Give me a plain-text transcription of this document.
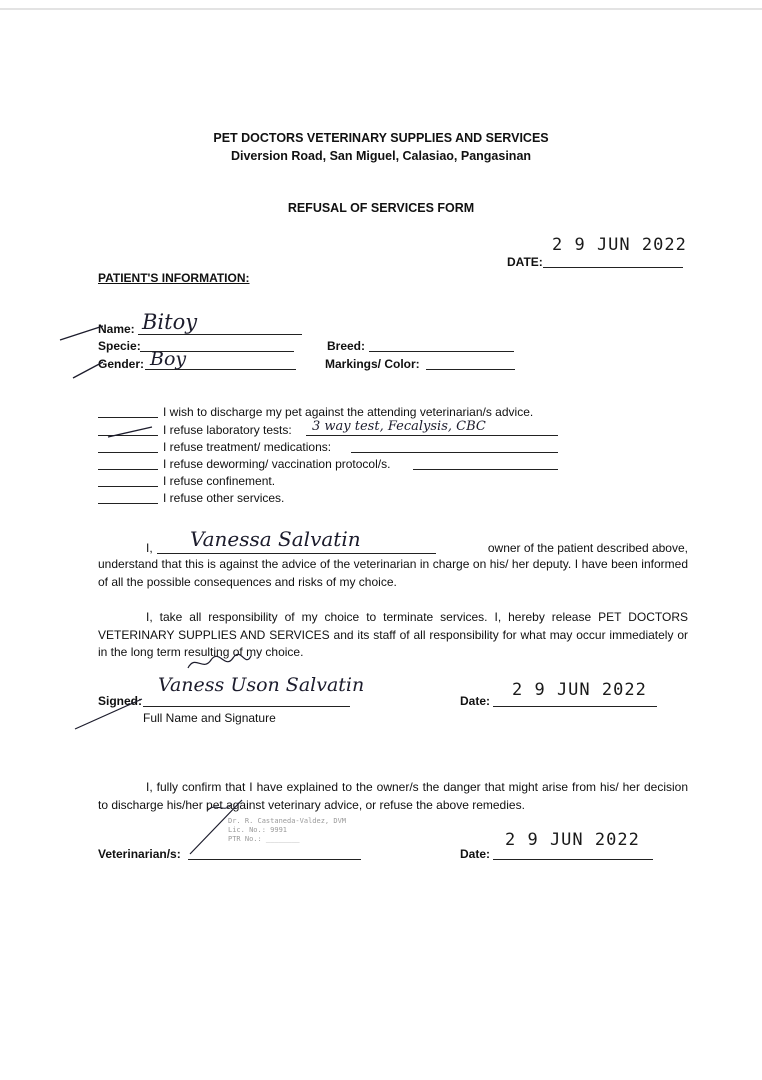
PET DOCTORS VETERINARY SUPPLIES AND SERVICES
Diversion Road, San Miguel, Calasiao, Pangasinan
REFUSAL OF SERVICES FORM
2 9 JUN 2022
DATE:
PATIENT'S INFORMATION:
Name: Bitoy
Specie:	Breed:
Gender: Boy	Markings/ Color:
I wish to discharge my pet against the attending veterinarian/s advice.
I refuse laboratory tests: 3 way test, Fecalysis, CBC
I refuse treatment/ medications:
I refuse deworming/ vaccination protocol/s.
I refuse confinement.
I refuse other services.
I, Vanessa Salvatin	owner of the patient described above,
understand that this is against the advice of the veterinarian in charge on his/ her deputy. I have been informed of all the possible consequences and risks of my choice.
I, take all responsibility of my choice to terminate services. I, hereby release PET DOCTORS VETERINARY SUPPLIES AND SERVICES and its staff of all responsibility for what may occur immediately or in the long term resulting of my choice.
Signed:
Vaness Uson Salvatin
Full Name and Signature
2 9 JUN 2022
Date:
I, fully confirm that I have explained to the owner/s the danger that might arise from his/ her decision to discharge his/her pet against veterinary advice, or refuse the above remedies.
Dr. R. Castaneda-Valdez, DVM
Lic. No.: 9991
PTR No.: ________
Veterinarian/s:
2 9 JUN 2022
Date:
